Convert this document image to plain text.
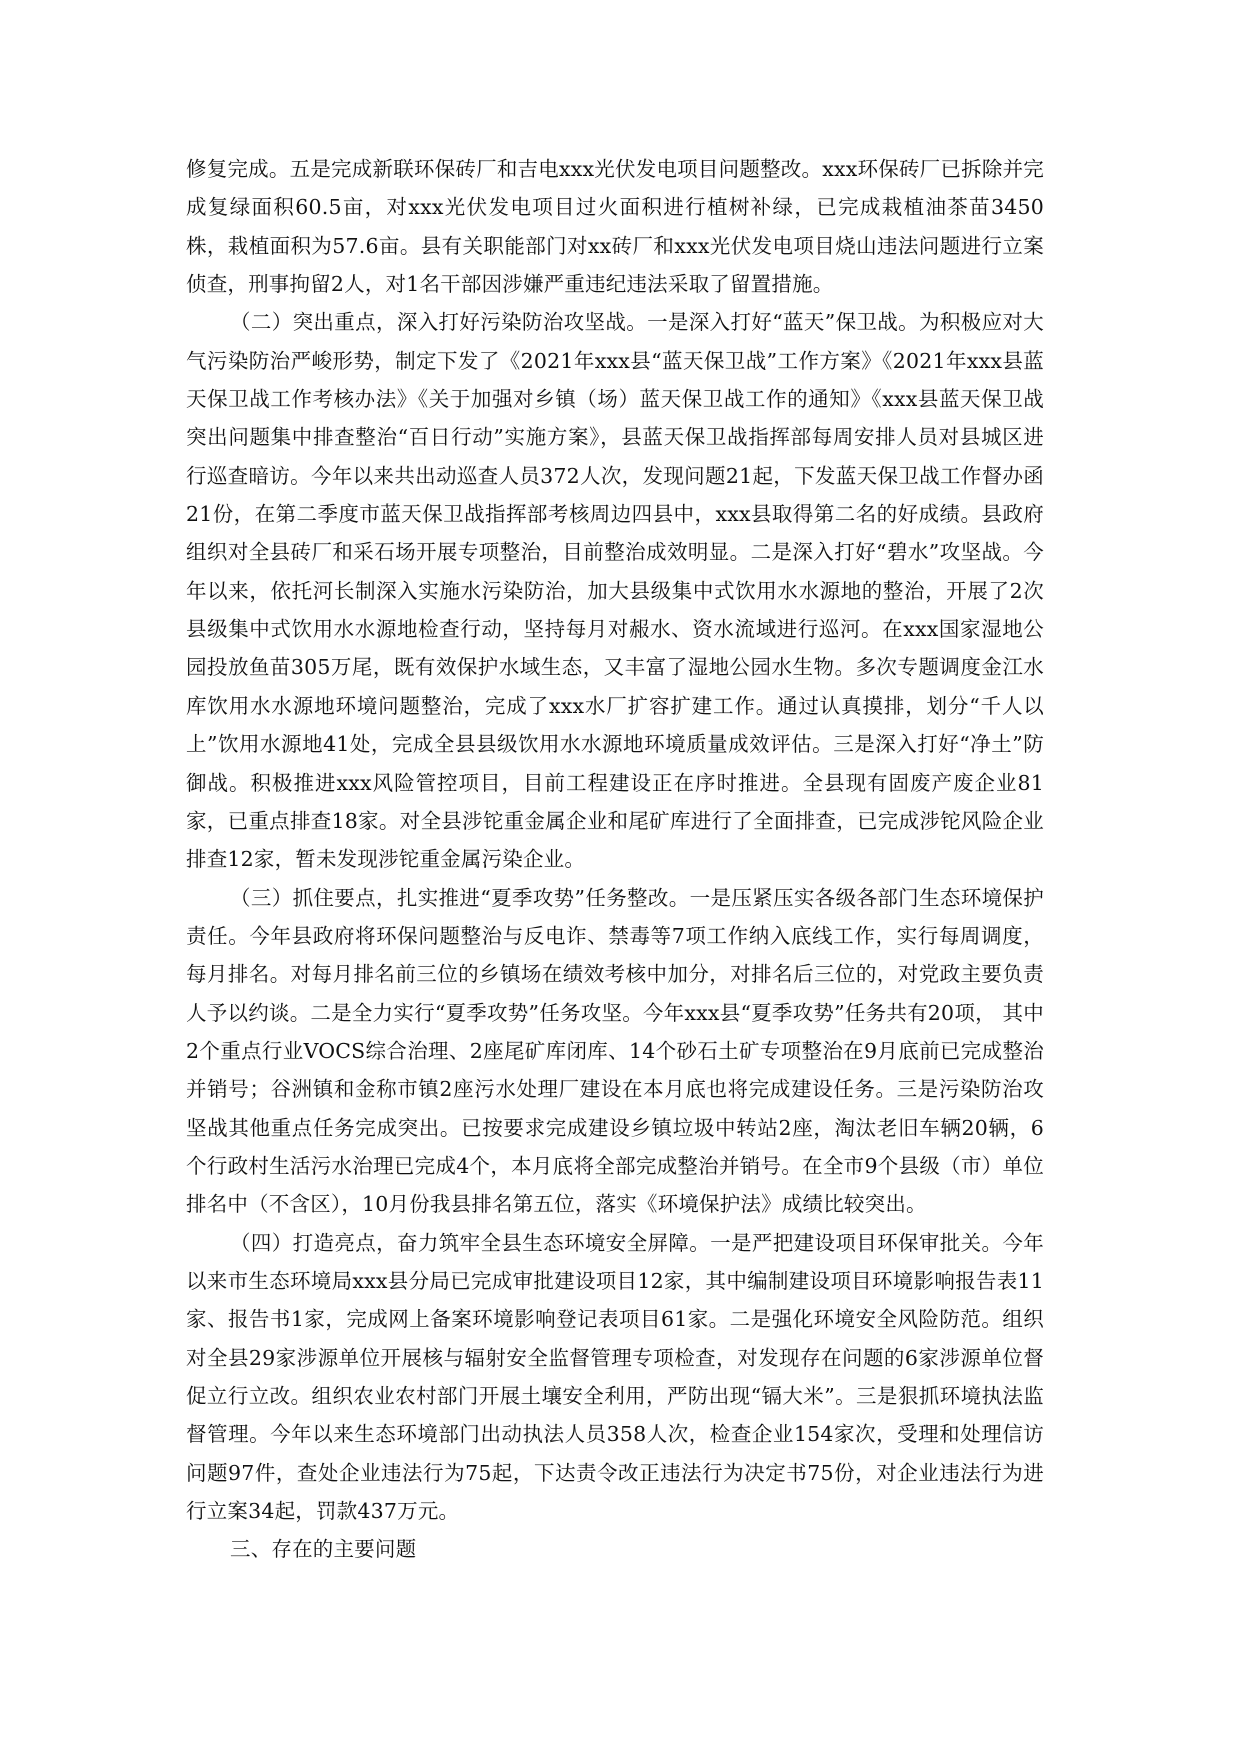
修复完成。五是完成新联环保砖厂和吉电xxx光伏发电项目问题整改。xxx环保砖厂已拆除并完成复绿面积60.5亩，对xxx光伏发电项目过火面积进行植树补绿，已完成栽植油茶苗3450株，栽植面积为57.6亩。县有关职能部门对xx砖厂和xxx光伏发电项目烧山违法问题进行立案侦查，刑事拘留2人，对1名干部因涉嫌严重违纪违法采取了留置措施。

（二）突出重点，深入打好污染防治攻坚战。一是深入打好“蓝天”保卫战。为积极应对大气污染防治严峻形势，制定下发了《2021年xxx县“蓝天保卫战”工作方案》《2021年xxx县蓝天保卫战工作考核办法》《关于加强对乡镇（场）蓝天保卫战工作的通知》《xxx县蓝天保卫战突出问题集中排查整治“百日行动”实施方案》，县蓝天保卫战指挥部每周安排人员对县城区进行巡查暗访。今年以来共出动巡查人员372人次，发现问题21起，下发蓝天保卫战工作督办函21份，在第二季度市蓝天保卫战指挥部考核周边四县中，xxx县取得第二名的好成绩。县政府组织对全县砖厂和采石场开展专项整治，目前整治成效明显。二是深入打好“碧水”攻坚战。今年以来，依托河长制深入实施水污染防治，加大县级集中式饮用水水源地的整治，开展了2次县级集中式饮用水水源地检查行动，坚持每月对赧水、资水流域进行巡河。在xxx国家湿地公园投放鱼苗305万尾，既有效保护水域生态，又丰富了湿地公园水生物。多次专题调度金江水库饮用水水源地环境问题整治，完成了xxx水厂扩容扩建工作。通过认真摸排，划分“千人以上”饮用水源地41处，完成全县县级饮用水水源地环境质量成效评估。三是深入打好“净土”防御战。积极推进xxx风险管控项目，目前工程建设正在序时推进。全县现有固废产废企业81家，已重点排查18家。对全县涉铊重金属企业和尾矿库进行了全面排查，已完成涉铊风险企业排查12家，暂未发现涉铊重金属污染企业。

（三）抓住要点，扎实推进“夏季攻势”任务整改。一是压紧压实各级各部门生态环境保护责任。今年县政府将环保问题整治与反电诈、禁毒等7项工作纳入底线工作，实行每周调度，每月排名。对每月排名前三位的乡镇场在绩效考核中加分，对排名后三位的，对党政主要负责人予以约谈。二是全力实行“夏季攻势”任务攻坚。今年xxx县“夏季攻势”任务共有20项， 其中2个重点行业VOCS综合治理、2座尾矿库闭库、14个砂石土矿专项整治在9月底前已完成整治并销号；谷洲镇和金称市镇2座污水处理厂建设在本月底也将完成建设任务。三是污染防治攻坚战其他重点任务完成突出。已按要求完成建设乡镇垃圾中转站2座，淘汰老旧车辆20辆，6个行政村生活污水治理已完成4个，本月底将全部完成整治并销号。在全市9个县级（市）单位排名中（不含区），10月份我县排名第五位，落实《环境保护法》成绩比较突出。

（四）打造亮点，奋力筑牢全县生态环境安全屏障。一是严把建设项目环保审批关。今年以来市生态环境局xxx县分局已完成审批建设项目12家，其中编制建设项目环境影响报告表11家、报告书1家，完成网上备案环境影响登记表项目61家。二是强化环境安全风险防范。组织对全县29家涉源单位开展核与辐射安全监督管理专项检查，对发现存在问题的6家涉源单位督促立行立改。组织农业农村部门开展土壤安全利用，严防出现“镉大米”。三是狠抓环境执法监督管理。今年以来生态环境部门出动执法人员358人次，检查企业154家次，受理和处理信访问题97件，查处企业违法行为75起，下达责令改正违法行为决定书75份，对企业违法行为进行立案34起，罚款437万元。

三、存在的主要问题
